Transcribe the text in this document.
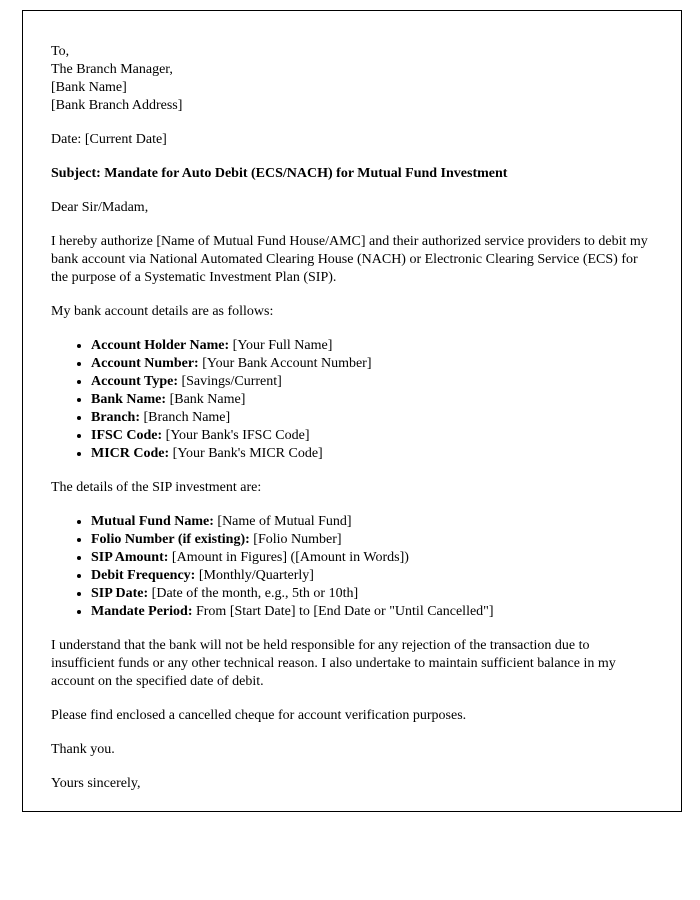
To,
The Branch Manager,
[Bank Name]
[Bank Branch Address]
Date: [Current Date]
Subject: Mandate for Auto Debit (ECS/NACH) for Mutual Fund Investment
Dear Sir/Madam,

I hereby authorize [Name of Mutual Fund House/AMC] and their authorized service providers to debit my bank account via National Automated Clearing House (NACH) or Electronic Clearing Service (ECS) for the purpose of a Systematic Investment Plan (SIP).

My bank account details are as follows:
• Account Holder Name: [Your Full Name]
• Account Number: [Your Bank Account Number]
• Account Type: [Savings/Current]
• Bank Name: [Bank Name]
• Branch: [Branch Name]
• IFSC Code: [Your Bank's IFSC Code]
• MICR Code: [Your Bank's MICR Code]
The details of the SIP investment are:
• Mutual Fund Name: [Name of Mutual Fund]
• Folio Number (if existing): [Folio Number]
• SIP Amount: [Amount in Figures] ([Amount in Words])
• Debit Frequency: [Monthly/Quarterly]
• SIP Date: [Date of the month, e.g., 5th or 10th]
• Mandate Period: From [Start Date] to [End Date or "Until Cancelled"]

I understand that the bank will not be held responsible for any rejection of the transaction due to insufficient funds or any other technical reason. I also undertake to maintain sufficient balance in my account on the specified date of debit.

Please find enclosed a cancelled cheque for account verification purposes.

Thank you.
Yours sincerely,
